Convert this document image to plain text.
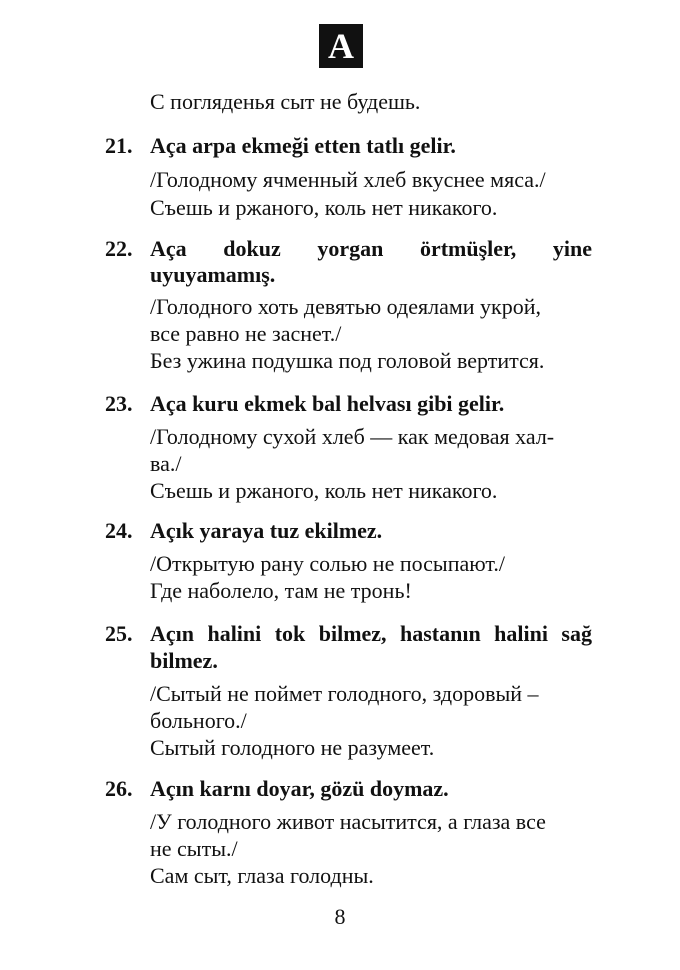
А
С погляденья сыт не будешь.
21. Aça arpa ekmeği etten tatlı gelir.
/Голодному ячменный хлеб вкуснее мяса./
Съешь и ржаного, коль нет никакого.
22. Aça dokuz yorgan örtmüşler, yine
uyuyamamış.
/Голодного хоть девятью одеялами укрой,
все равно не заснет./
Без ужина подушка под головой вертится.
23. Aça kuru ekmek bal helvası gibi gelir.
/Голодному сухой хлеб — как медовая хал-
ва./
Съешь и ржаного, коль нет никакого.
24. Açık yaraya tuz ekilmez.
/Открытую рану солью не посыпают./
Где наболело, там не тронь!
25. Açın halini tok bilmez, hastanın halini sağ
bilmez.
/Сытый не поймет голодного, здоровый –
больного./
Сытый голодного не разумеет.
26. Açın karnı doyar, gözü doymaz.
/У голодного живот насытится, а глаза все
не сыты./
Сам сыт, глаза голодны.
8
